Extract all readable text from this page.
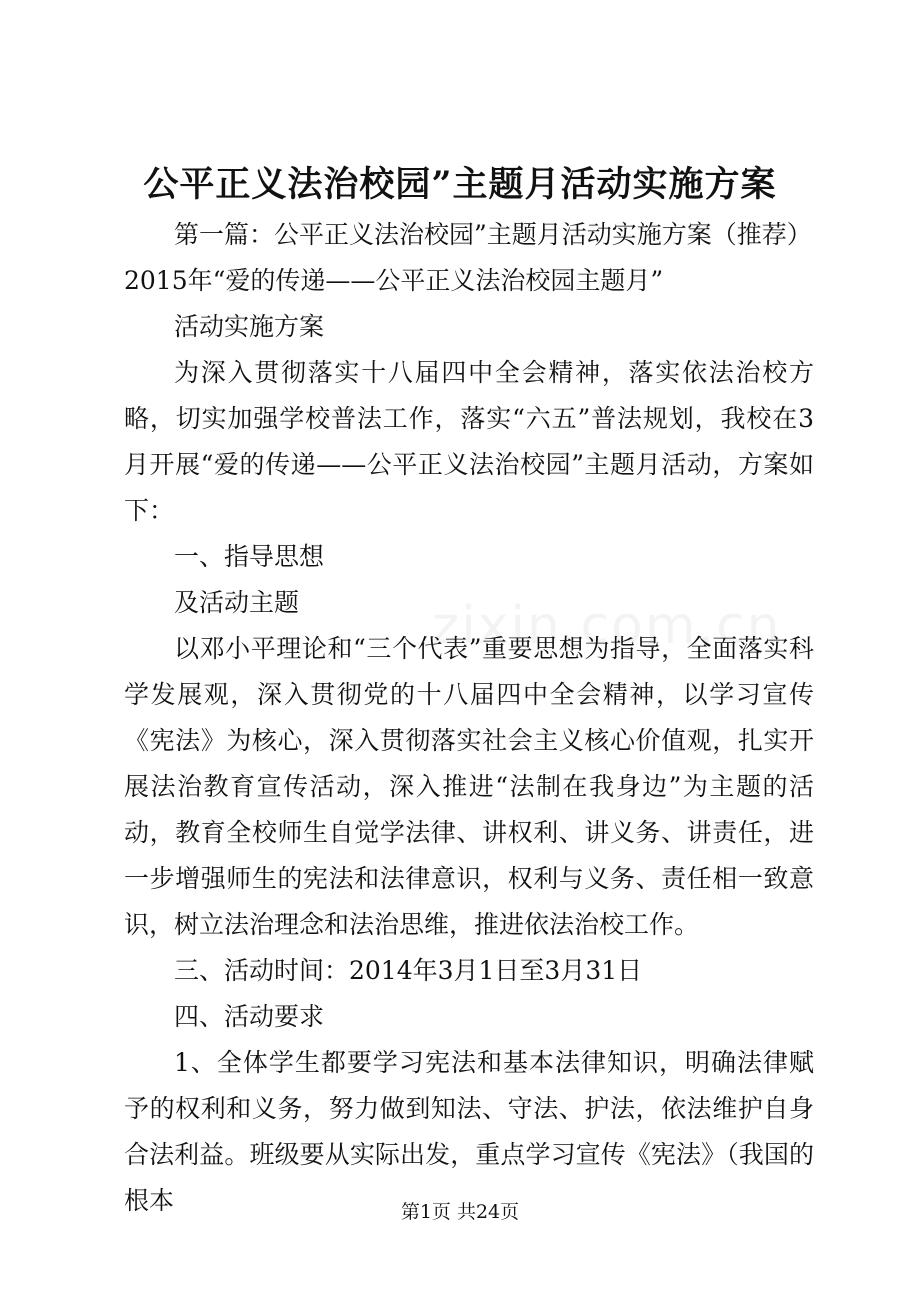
公平正义法治校园”主题月活动实施方案

第一篇：公平正义法治校园”主题月活动实施方案（推荐）

2015年“爱的传递——公平正义法治校园主题月”

活动实施方案

为深入贯彻落实十八届四中全会精神，落实依法治校方略，切实加强学校普法工作，落实“六五”普法规划，我校在3月开展“爱的传递——公平正义法治校园”主题月活动，方案如下：

一、指导思想

及活动主题

以邓小平理论和“三个代表”重要思想为指导，全面落实科学发展观，深入贯彻党的十八届四中全会精神，以学习宣传《宪法》为核心，深入贯彻落实社会主义核心价值观，扎实开展法治教育宣传活动，深入推进“法制在我身边”为主题的活动，教育全校师生自觉学法律、讲权利、讲义务、讲责任，进一步增强师生的宪法和法律意识，权利与义务、责任相一致意识，树立法治理念和法治思维，推进依法治校工作。

三、活动时间：2014年3月1日至3月31日

四、活动要求

1、全体学生都要学习宪法和基本法律知识，明确法律赋予的权利和义务，努力做到知法、守法、护法，依法维护自身合法利益。班级要从实际出发，重点学习宣传《宪法》（我国的根本	第1页 共24页
